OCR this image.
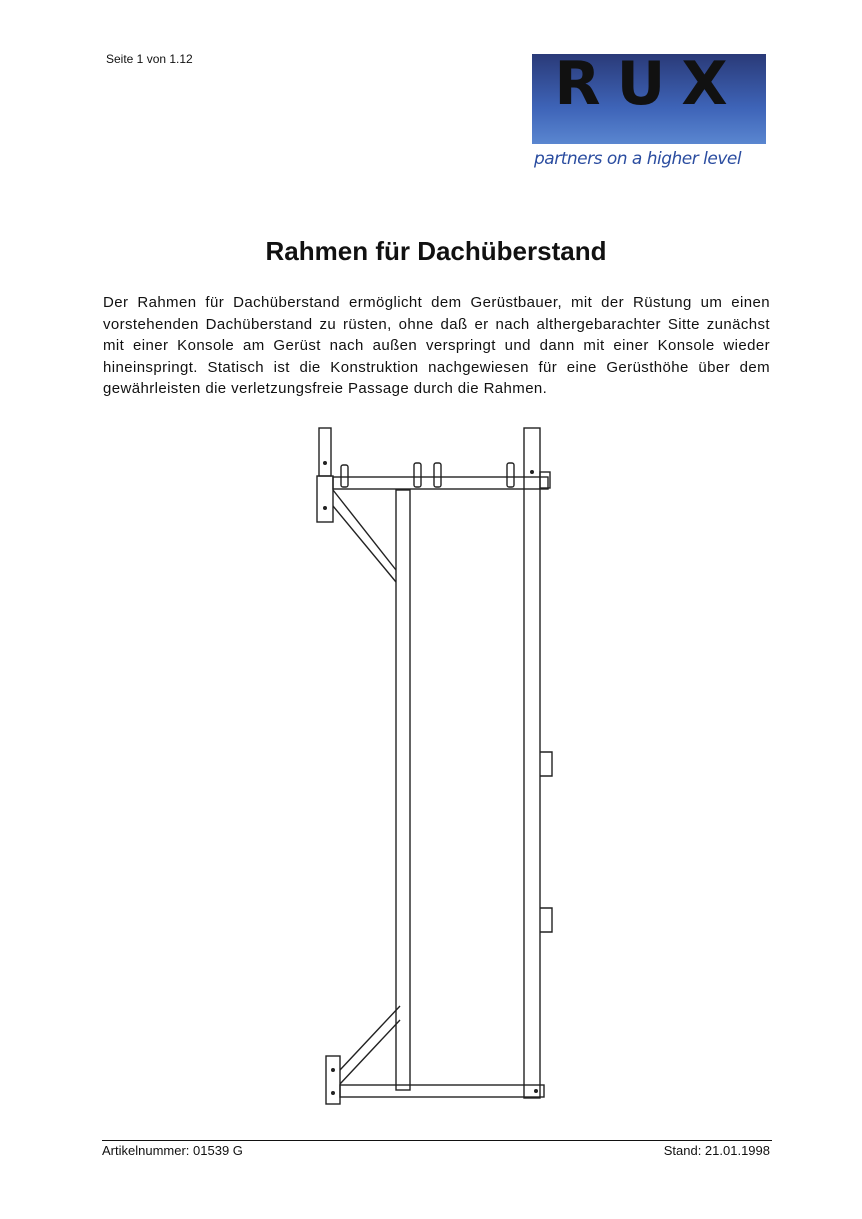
Seite 1 von 1.12	RUX
partners on a higher level
Rahmen für Dachüberstand
Der Rahmen für Dachüberstand ermöglicht dem Gerüstbauer, mit der Rüstung um einen vorstehenden Dachüberstand zu rüsten, ohne daß er nach althergebarachter Sitte zunächst mit einer Konsole am Gerüst nach außen verspringt und dann mit einer Konsole wieder hineinspringt. Statisch ist die Konstruktion nachgewiesen für eine Gerüsthöhe über dem gewährleisten die verletzungsfreie Passage durch die Rahmen.
Artikelnummer: 01539 G	Stand: 21.01.1998
